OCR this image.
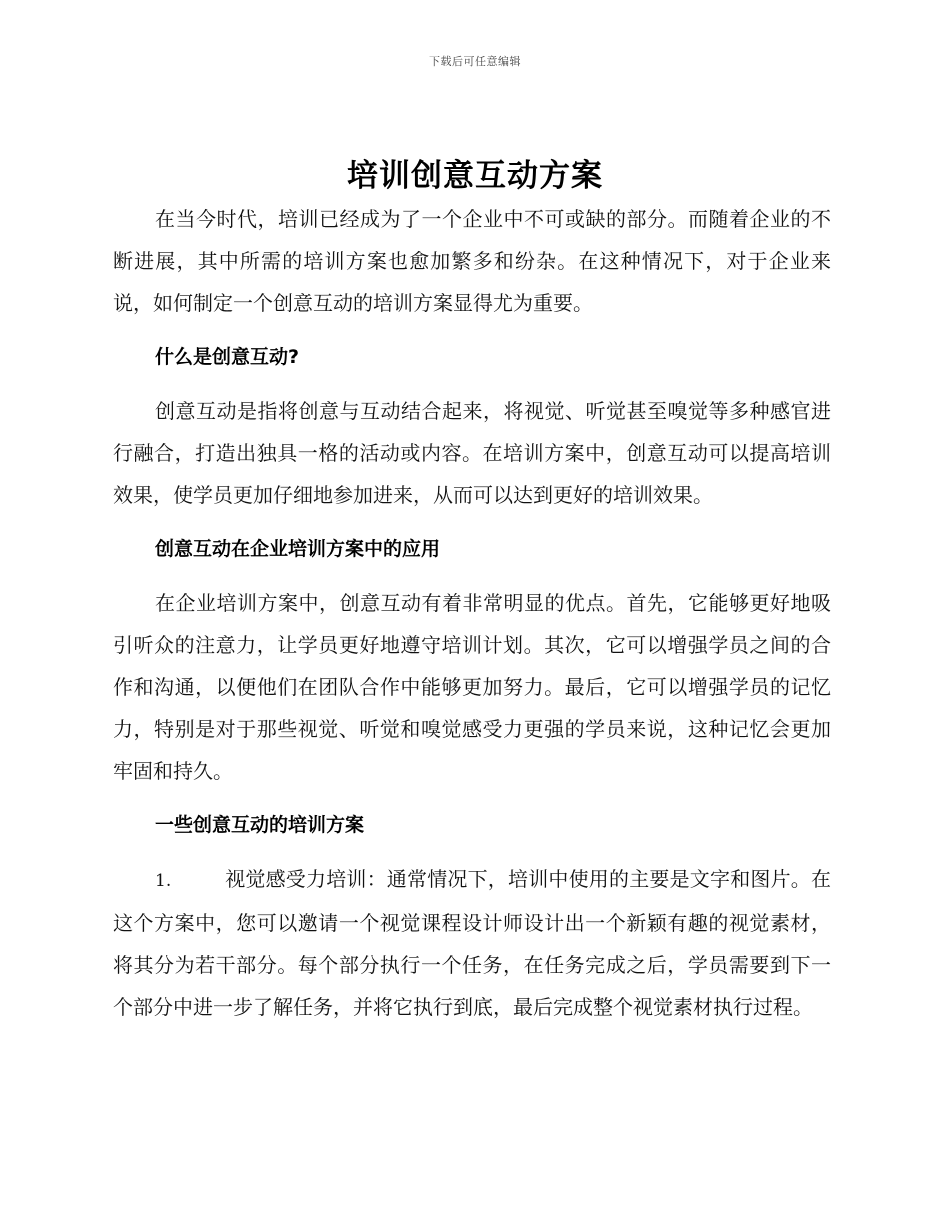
下载后可任意编辑
培训创意互动方案

在当今时代，培训已经成为了一个企业中不可或缺的部分。而随着企业的不断进展，其中所需的培训方案也愈加繁多和纷杂。在这种情况下，对于企业来说，如何制定一个创意互动的培训方案显得尤为重要。

什么是创意互动?

创意互动是指将创意与互动结合起来，将视觉、听觉甚至嗅觉等多种感官进行融合，打造出独具一格的活动或内容。在培训方案中，创意互动可以提高培训效果，使学员更加仔细地参加进来，从而可以达到更好的培训效果。

创意互动在企业培训方案中的应用

在企业培训方案中，创意互动有着非常明显的优点。首先，它能够更好地吸引听众的注意力，让学员更好地遵守培训计划。其次，它可以增强学员之间的合作和沟通，以便他们在团队合作中能够更加努力。最后，它可以增强学员的记忆力，特别是对于那些视觉、听觉和嗅觉感受力更强的学员来说，这种记忆会更加牢固和持久。

一些创意互动的培训方案

1.	视觉感受力培训：通常情况下，培训中使用的主要是文字和图片。在这个方案中，您可以邀请一个视觉课程设计师设计出一个新颖有趣的视觉素材，将其分为若干部分。每个部分执行一个任务，在任务完成之后，学员需要到下一个部分中进一步了解任务，并将它执行到底，最后完成整个视觉素材执行过程。
